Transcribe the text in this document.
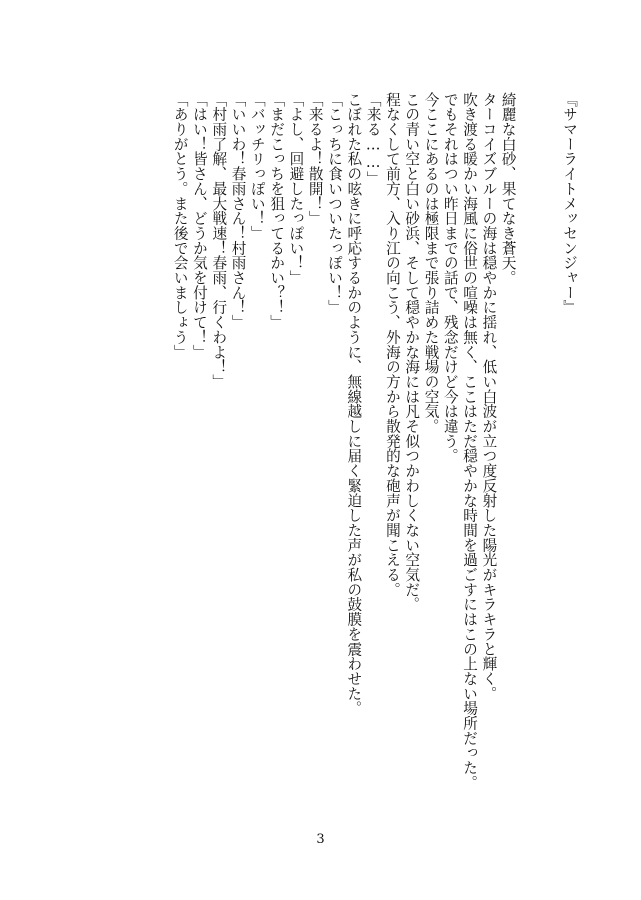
『サマーライトメッセンジャー』
綺麗な白砂、果てなき蒼天。
ターコイズブルーの海は穏やかに揺れ、低い白波が立つ度反射した陽光がキラキラと輝く。
吹き渡る暖かい海風に俗世の喧噪は無く、ここはただ穏やかな時間を過ごすにはこの上ない場所だった。
でもそれはつい昨日までの話で、残念だけど今は違う。
今ここにあるのは極限まで張り詰めた戦場の空気。
この青い空と白い砂浜、そして穏やかな海には凡そ似つかわしくない空気だ。
程なくして前方、入り江の向こう、外海の方から散発的な砲声が聞こえる。
「来る……」
こぼれた私の呟きに呼応するかのように、無線越しに届く緊迫した声が私の鼓膜を震わせた。
「こっちに食いついたっぽい！」
「来るよ！散開！」
「よし、回避したっぽい！」
「まだこっちを狙ってるかい？！」
「バッチリっぽい！」
「いいわ！春雨さん！村雨さん！」
「村雨了解、最大戦速！春雨、行くわよ！」
「はい！皆さん、どうか気を付けて！」
「ありがとう。また後で会いましょう」
3
